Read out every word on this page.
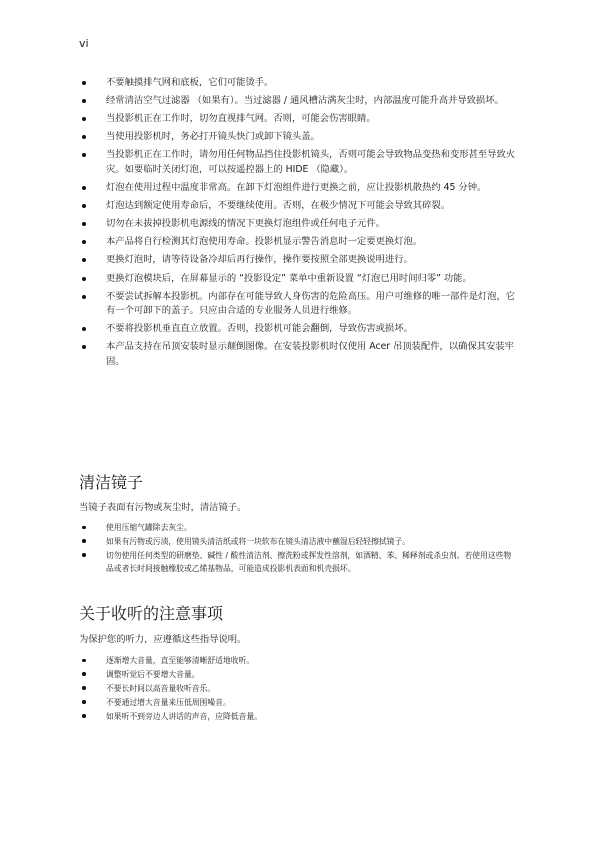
vi
不要触摸排气网和底板，它们可能烫手。
经常清洁空气过滤器 （如果有）。当过滤器 / 通风槽沾满灰尘时，内部温度可能升高并导致损坏。
当投影机正在工作时，切勿直视排气网。否则，可能会伤害眼睛。
当使用投影机时，务必打开镜头快门或卸下镜头盖。
当投影机正在工作时，请勿用任何物品挡住投影机镜头，否则可能会导致物品变热和变形甚至导致火灾。如要临时关闭灯泡，可以按遥控器上的 HIDE （隐藏）。
灯泡在使用过程中温度非常高。在卸下灯泡组件进行更换之前，应让投影机散热约 45 分钟。
灯泡达到额定使用寿命后，不要继续使用。否则，在极少情况下可能会导致其碎裂。
切勿在未拔掉投影机电源线的情况下更换灯泡组件或任何电子元件。
本产品将自行检测其灯泡使用寿命。投影机显示警告消息时一定要更换灯泡。
更换灯泡时，请等待设备冷却后再行操作，操作要按照全部更换说明进行。
更换灯泡模块后，在屏幕显示的 “投影设定” 菜单中重新设置 “灯泡已用时间归零” 功能。
不要尝试拆解本投影机。内部存在可能导致人身伤害的危险高压。用户可维修的唯一部件是灯泡，它有一个可卸下的盖子。只应由合适的专业服务人员进行维修。
不要将投影机垂直直立放置。否则，投影机可能会翻倒，导致伤害或损坏。
本产品支持在吊顶安装时显示颠倒图像。在安装投影机时仅使用 Acer 吊顶装配件，以确保其安装牢固。
清洁镜子

当镜子表面有污物或灰尘时，清洁镜子。

使用压缩气罐除去灰尘。
如果有污物或污渍，使用镜头清洁纸或将一块软布在镜头清洁液中蘸湿后轻轻擦拭镜子。
切勿使用任何类型的研磨垫、碱性 / 酸性清洁剂、擦洗粉或挥发性溶剂，如酒精、苯、稀释剂或杀虫剂。若使用这些物品或者长时间接触橡胶或乙烯基物品，可能造成投影机表面和机壳损坏。
关于收听的注意事项

为保护您的听力，应遵循这些指导说明。

逐渐增大音量，直至能够清晰舒适地收听。
调整听觉后不要增大音量。
不要长时间以高音量收听音乐。
不要通过增大音量来压低周围噪音。
如果听不到旁边人讲话的声音，应降低音量。
